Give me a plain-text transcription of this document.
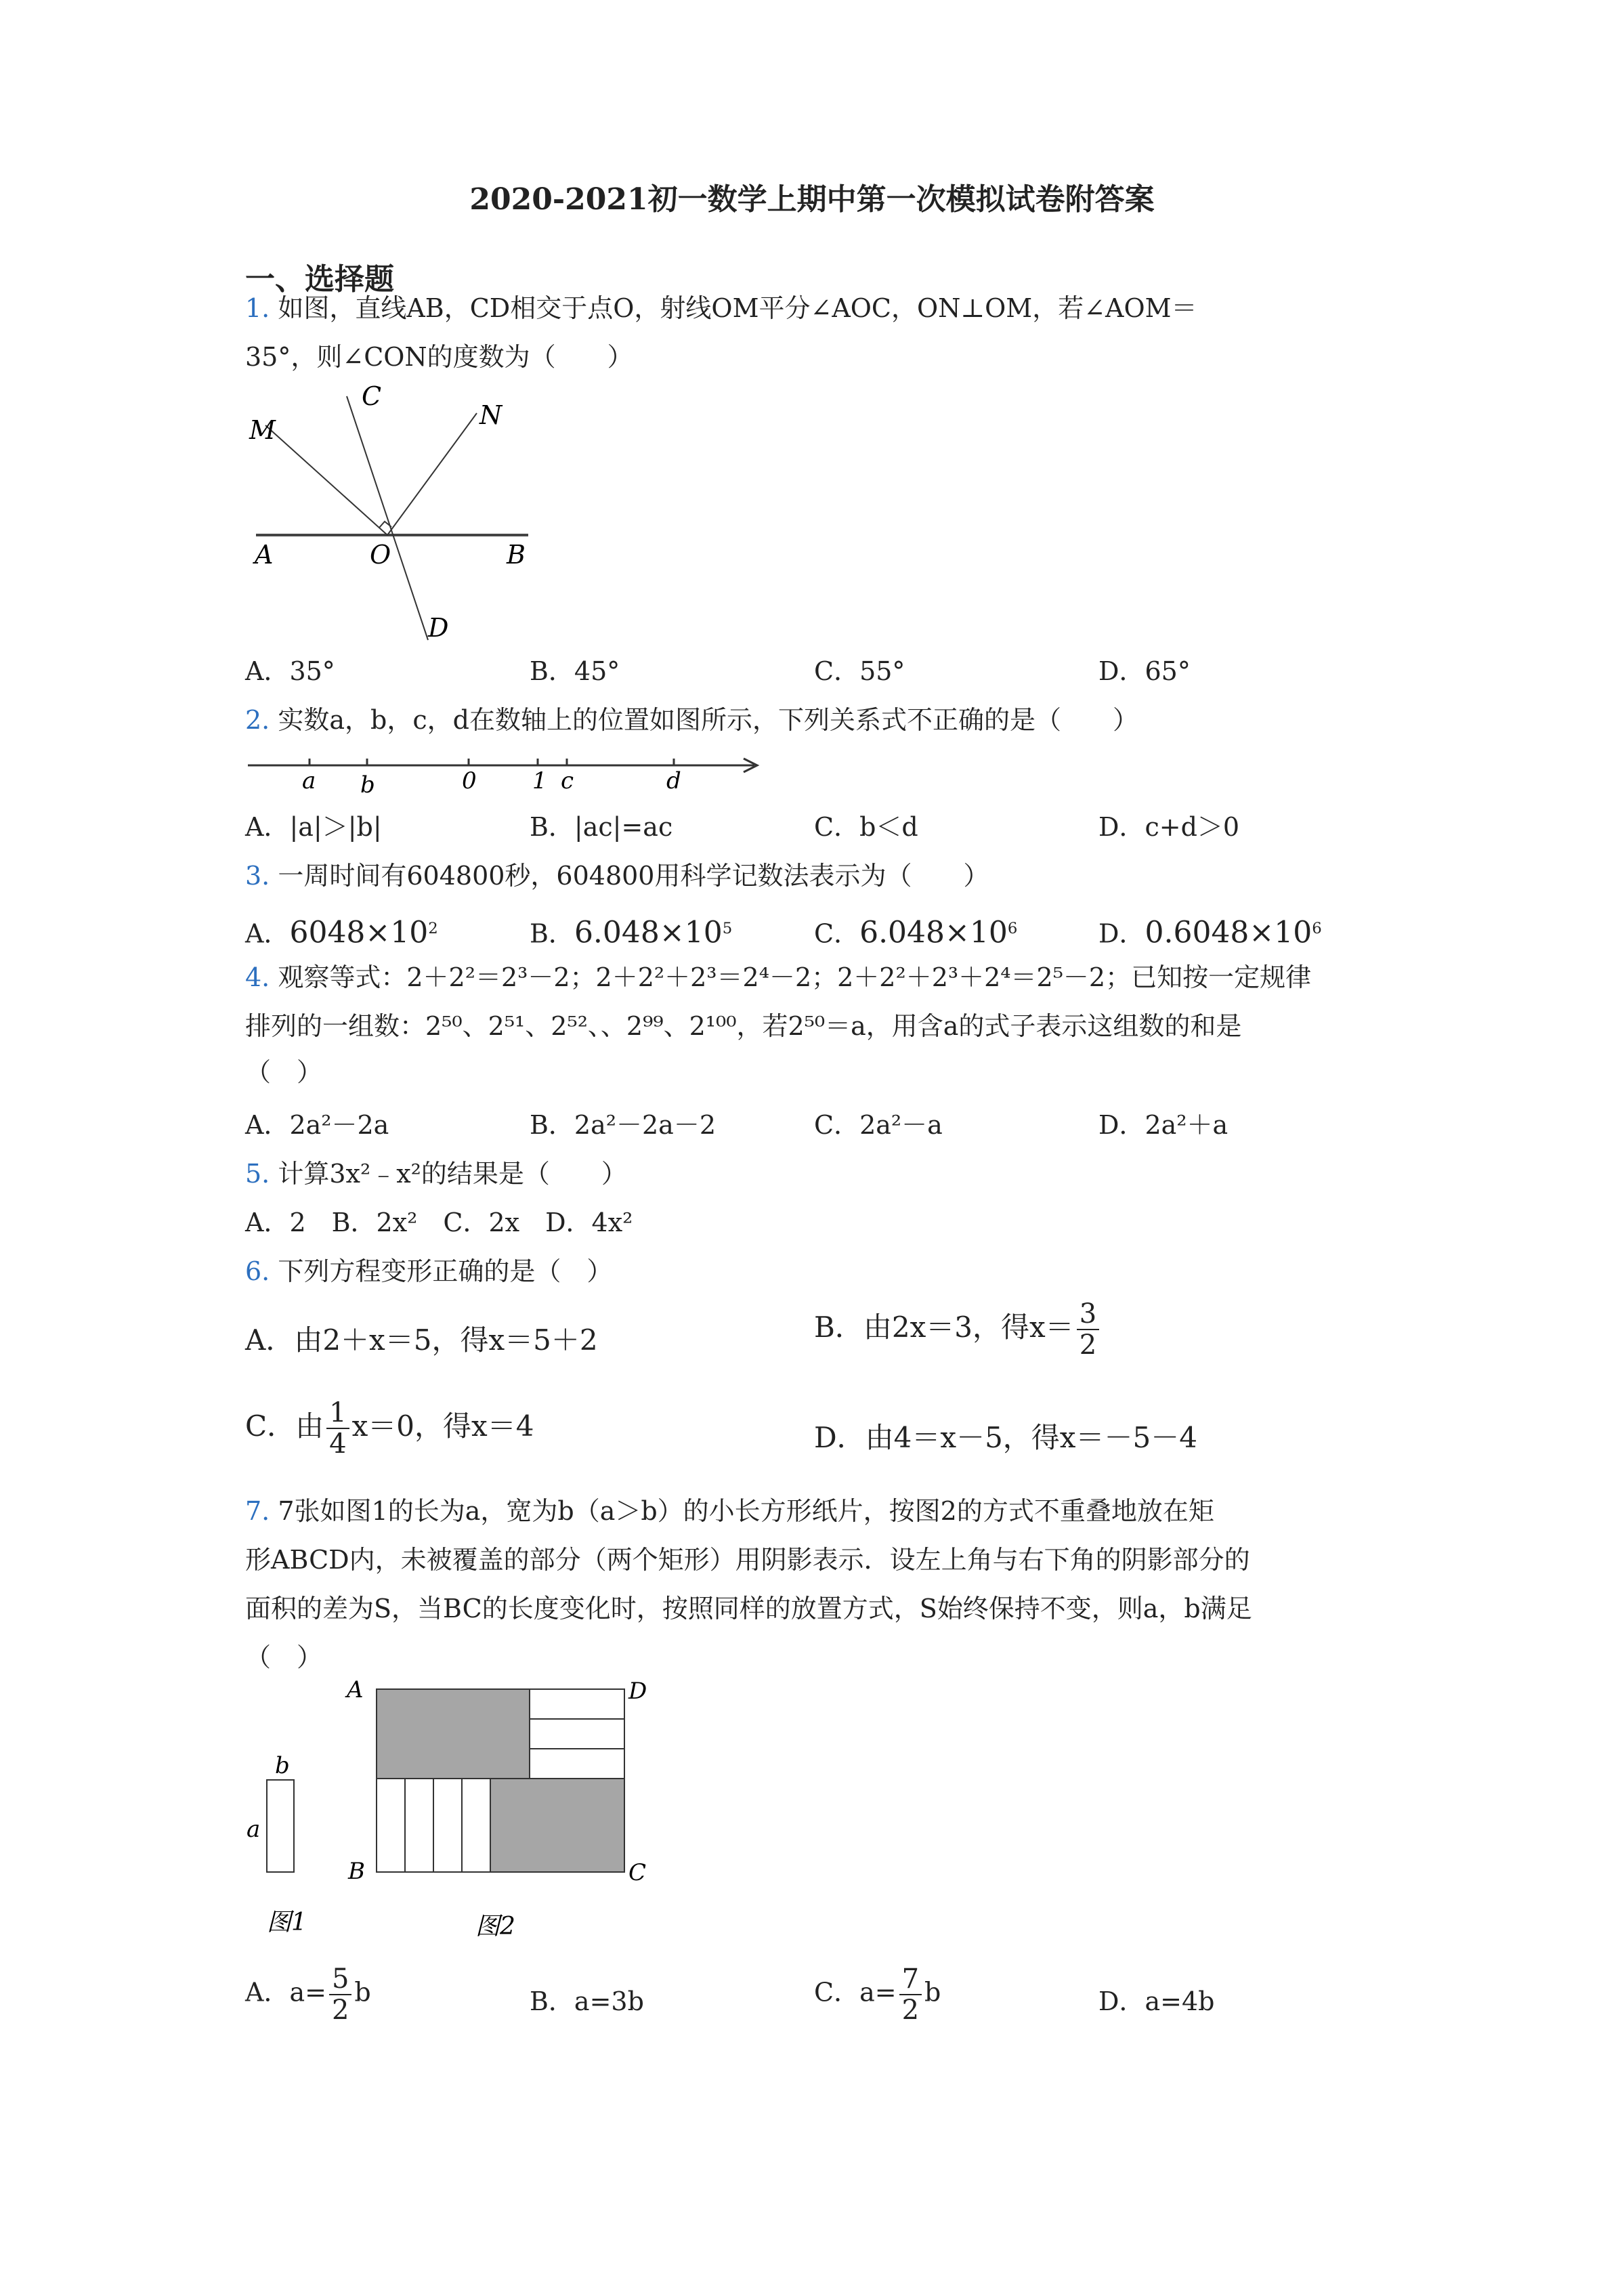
2020-2021初一数学上期中第一次模拟试卷附答案
一、选择题
1. 如图，直线AB，CD相交于点O，射线OM平分∠AOC，ON⊥OM，若∠AOM＝
35°，则∠CON的度数为（　　）
M
C
N
A	O	B
D
A．35°	B．45°	C．55°	D．65°
2. 实数a，b，c，d在数轴上的位置如图所示，下列关系式不正确的是（　　）
a b	0 1 c	d
A．|a|＞|b|	B．|ac|=ac	C．b＜d	D．c+d＞0
3. 一周时间有604800秒，604800用科学记数法表示为（　　）
A．$6048\times 10^2$	B．$6.048\times 10^5$	C．$6.048\times 10^6$	D．$0.6048\times 10^6$
4. 观察等式：2＋2²＝2³－2；2＋2²＋2³＝2⁴－2；2＋2²＋2³＋2⁴＝2⁵－2；已知按一定规律
排列的一组数：2⁵⁰、2⁵¹、2⁵²、、2⁹⁹、2¹⁰⁰，若2⁵⁰＝a，用含a的式子表示这组数的和是
（　）
A．2a²－2a	B．2a²－2a－2	C．2a²－a	D．2a²＋a
5. 计算3x²﹣x²的结果是（　　）
A．2　B．2x²　C．2x　D．4x²
6. 下列方程变形正确的是（　）
A．由2＋x＝5，得x＝5＋2	B．由2x＝3，得$x= \frac{3}{2}$
C．由 $\frac{1}{4} x=0$，得x＝4	D．由4＝x－5，得x＝－5－4
7. 7张如图1的长为a，宽为b（a＞b）的小长方形纸片，按图2的方式不重叠地放在矩
形ABCD内，未被覆盖的部分（两个矩形）用阴影表示．设左上角与右下角的阴影部分的
面积的差为S，当BC的长度变化时，按照同样的放置方式，S始终保持不变，则a，b满足
（　）
b
a
图1
A	D
B	C
图2
A．$a= \frac{5}{2}$ b	B．a=3b	C．$a= \frac{7}{2}$ b	D．a=4b
